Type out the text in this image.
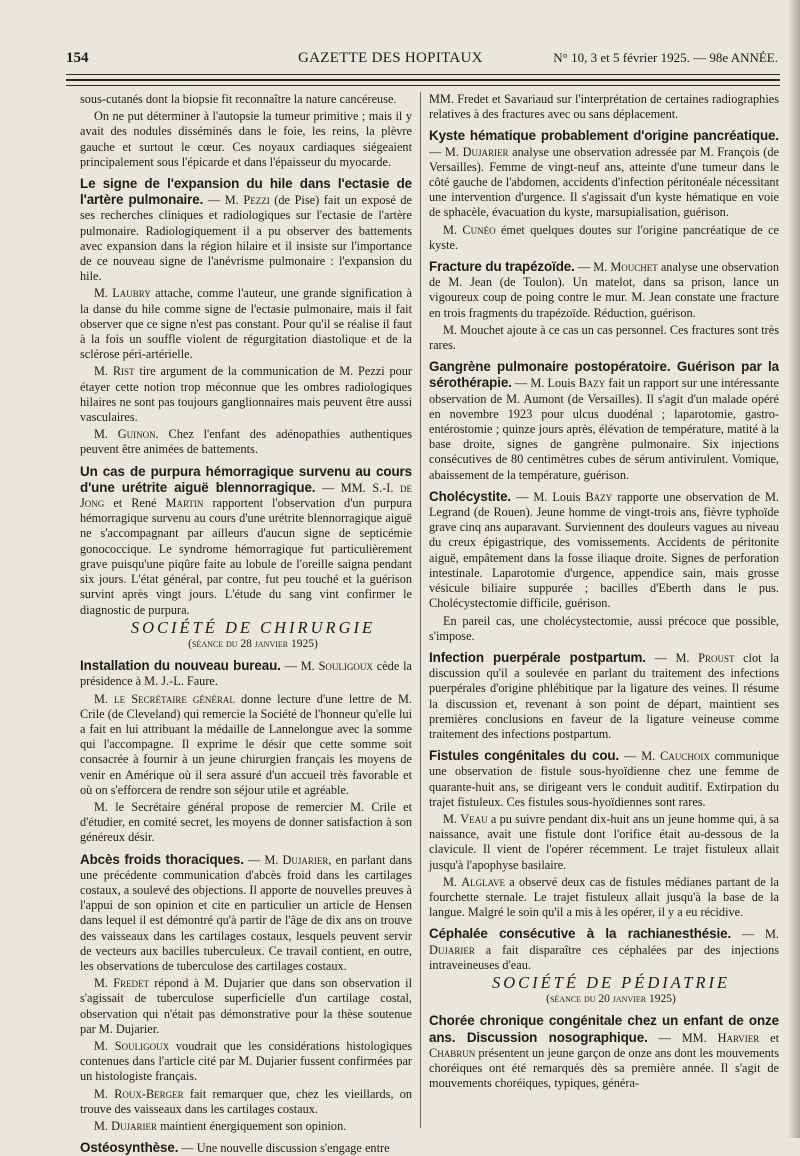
154	GAZETTE DES HOPITAUX	N° 10, 3 et 5 février 1925. — 98e ANNÉE.

sous-cutanés dont la biopsie fit reconnaître la nature cancéreuse.

On ne put déterminer à l'autopsie la tumeur primitive ; mais il y avait des nodules disséminés dans le foie, les reins, la plèvre gauche et surtout le cœur. Ces noyaux cardiaques siégeaient principalement sous l'épicarde et dans l'épaisseur du myocarde.

Le signe de l'expansion du hile dans l'ectasie de l'artère pulmonaire. — M. Pezzi (de Pise) fait un exposé de ses recherches cliniques et radiologiques sur l'ectasie de l'artère pulmonaire. Radiologiquement il a pu observer des battements avec expansion dans la région hilaire et il insiste sur l'importance de ce nouveau signe de l'anévrisme pulmonaire : l'expansion du hile.

M. Laubry attache, comme l'auteur, une grande signification à la danse du hile comme signe de l'ectasie pulmonaire, mais il fait observer que ce signe n'est pas constant. Pour qu'il se réalise il faut à la fois un souffle violent de régurgitation diastolique et de la sclérose péri-artérielle.

M. Rist tire argument de la communication de M. Pezzi pour étayer cette notion trop méconnue que les ombres radiologiques hilaires ne sont pas toujours ganglionnaires mais peuvent être aussi vasculaires.

M. Guinon. Chez l'enfant des adénopathies authentiques peuvent être animées de battements.

Un cas de purpura hémorragique survenu au cours d'une urétrite aiguë blennorragique. — MM. S.-I. de Jong et René Martin rapportent l'observation d'un purpura hémorragique survenu au cours d'une urétrite blennorragique aiguë ne s'accompagnant par ailleurs d'aucun signe de septicémie gonococcique. Le syndrome hémorragique fut particulièrement grave puisqu'une piqûre faite au lobule de l'oreille saigna pendant six jours. L'état général, par contre, fut peu touché et la guérison survint après vingt jours. L'étude du sang vint confirmer le diagnostic de purpura.

SOCIÉTÉ DE CHIRURGIE

(séance du 28 janvier 1925)

Installation du nouveau bureau. — M. Souligoux cède la présidence à M. J.-L. Faure.

M. le Secrétaire général donne lecture d'une lettre de M. Crile (de Cleveland) qui remercie la Société de l'honneur qu'elle lui a fait en lui attribuant la médaille de Lannelongue avec la somme qui l'accompagne. Il exprime le désir que cette somme soit consacrée à fournir à un jeune chirurgien français les moyens de venir en Amérique où il sera assuré d'un accueil très favorable et où on s'efforcera de rendre son séjour utile et agréable.

M. le Secrétaire général propose de remercier M. Crile et d'étudier, en comité secret, les moyens de donner satisfaction à son généreux désir.

Abcès froids thoraciques. — M. Dujarier, en parlant dans une précédente communication d'abcès froid dans les cartilages costaux, a soulevé des objections. Il apporte de nouvelles preuves à l'appui de son opinion et cite en particulier un article de Hensen dans lequel il est démontré qu'à partir de l'âge de dix ans on trouve des vaisseaux dans les cartilages costaux, lesquels peuvent servir de vecteurs aux bacilles tuberculeux. Ce travail contient, en outre, les observations de tuberculose des cartilages costaux.

M. Fredet répond à M. Dujarier que dans son observation il s'agissait de tuberculose superficielle d'un cartilage costal, observation qui n'était pas démonstrative pour la thèse soutenue par M. Dujarier.

M. Souligoux voudrait que les considérations histologiques contenues dans l'article cité par M. Dujarier fussent confirmées par un histologiste français.

M. Roux-Berger fait remarquer que, chez les vieillards, on trouve des vaisseaux dans les cartilages costaux.

M. Dujarier maintient énergiquement son opinion.

Ostéosynthèse. — Une nouvelle discussion s'engage entre

MM. Fredet et Savariaud sur l'interprétation de certaines radiographies relatives à des fractures avec ou sans déplacement.

Kyste hématique probablement d'origine pancréatique. — M. Dujarier analyse une observation adressée par M. François (de Versailles). Femme de vingt-neuf ans, atteinte d'une tumeur dans le côté gauche de l'abdomen, accidents d'infection péritonéale nécessitant une intervention d'urgence. Il s'agissait d'un kyste hématique en voie de sphacèle, évacuation du kyste, marsupialisation, guérison.

M. Cunéo émet quelques doutes sur l'origine pancréatique de ce kyste.

Fracture du trapézoïde. — M. Mouchet analyse une observation de M. Jean (de Toulon). Un matelot, dans sa prison, lance un vigoureux coup de poing contre le mur. M. Jean constate une fracture en trois fragments du trapézoïde. Réduction, guérison.

M. Mouchet ajoute à ce cas un cas personnel. Ces fractures sont très rares.

Gangrène pulmonaire postopératoire. Guérison par la sérothérapie. — M. Louis Bazy fait un rapport sur une intéressante observation de M. Aumont (de Versailles). Il s'agit d'un malade opéré en novembre 1923 pour ulcus duodénal ; laparotomie, gastro-entérostomie ; quinze jours après, élévation de température, matité à la base droite, signes de gangrène pulmonaire. Six injections consécutives de 80 centimètres cubes de sérum antivirulent. Vomique, abaissement de la température, guérison.

Cholécystite. — M. Louis Bazy rapporte une observation de M. Legrand (de Rouen). Jeune homme de vingt-trois ans, fièvre typhoïde grave cinq ans auparavant. Surviennent des douleurs vagues au niveau du creux épigastrique, des vomissements. Accidents de péritonite aiguë, empâtement dans la fosse iliaque droite. Signes de perforation intestinale. Laparotomie d'urgence, appendice sain, mais grosse vésicule biliaire suppurée ; bacilles d'Eberth dans le pus. Cholécystectomie difficile, guérison.

En pareil cas, une cholécystectomie, aussi précoce que possible, s'impose.

Infection puerpérale postpartum. — M. Proust clot la discussion qu'il a soulevée en parlant du traitement des infections puerpérales d'origine phlébitique par la ligature des veines. Il résume la discussion et, revenant à son point de départ, maintient ses premières conclusions en faveur de la ligature veineuse comme traitement des infections postpartum.

Fistules congénitales du cou. — M. Cauchoix communique une observation de fistule sous-hyoïdienne chez une femme de quarante-huit ans, se dirigeant vers le conduit auditif. Extirpation du trajet fistuleux. Ces fistules sous-hyoïdiennes sont rares.

M. Veau a pu suivre pendant dix-huit ans un jeune homme qui, à sa naissance, avait une fistule dont l'orifice était au-dessous de la clavicule. Il vient de l'opérer récemment. Le trajet fistuleux allait jusqu'à l'apophyse basilaire.

M. Alglave a observé deux cas de fistules médianes partant de la fourchette sternale. Le trajet fistuleux allait jusqu'à la base de la langue. Malgré le soin qu'il a mis à les opérer, il y a eu récidive.

Céphalée consécutive à la rachianesthésie. — M. Dujarier a fait disparaître ces céphalées par des injections intraveineuses d'eau.

SOCIÉTÉ DE PÉDIATRIE

(séance du 20 janvier 1925)

Chorée chronique congénitale chez un enfant de onze ans. Discussion nosographique. — MM. Harvier et Chabrun présentent un jeune garçon de onze ans dont les mouvements choréiques ont été remarqués dès sa première année. Il s'agit de mouvements choréiques, typiques, généra-
